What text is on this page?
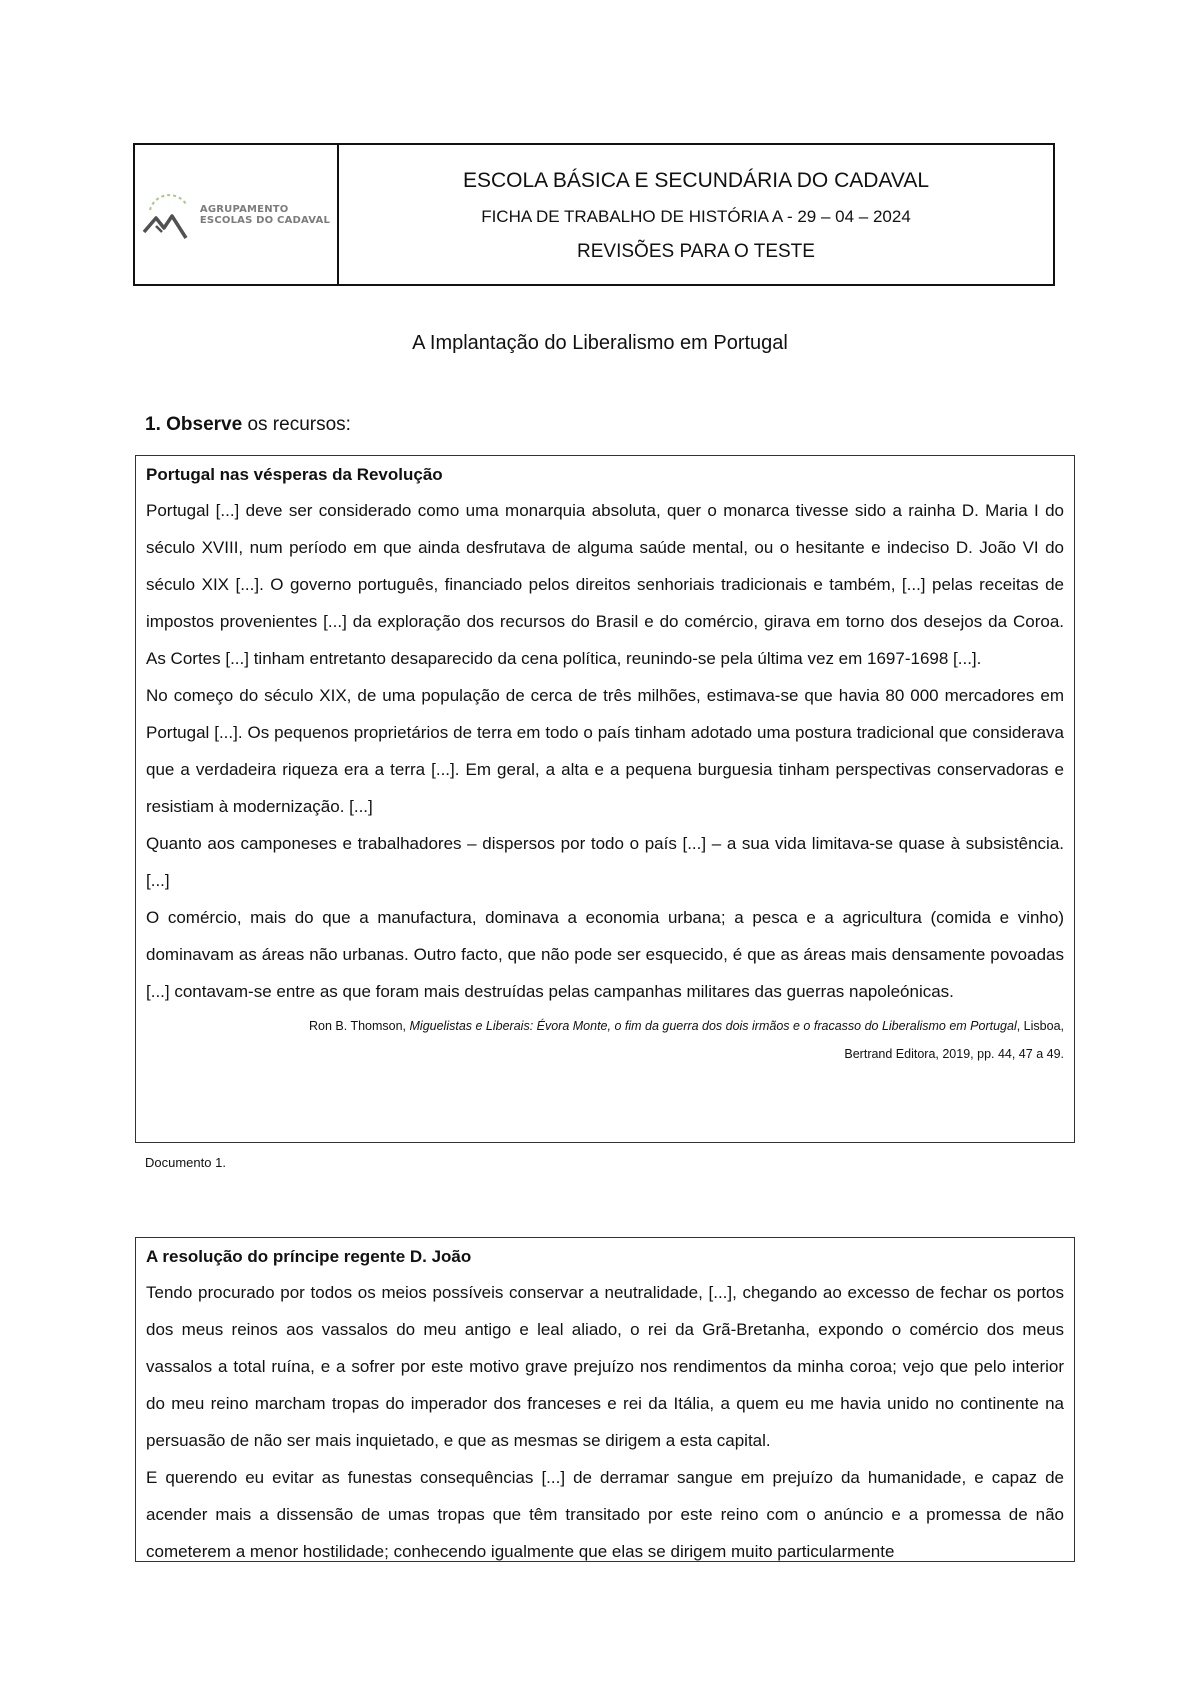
AGRUPAMENTO
ESCOLAS DO CADAVAL
ESCOLA BÁSICA E SECUNDÁRIA DO CADAVAL
FICHA DE TRABALHO DE HISTÓRIA A - 29 – 04 – 2024
REVISÕES PARA O TESTE
A Implantação do Liberalismo em Portugal
1. Observe os recursos:

Portugal nas vésperas da Revolução

Portugal [...] deve ser considerado como uma monarquia absoluta, quer o monarca tivesse sido a rainha D. Maria I do século XVIII, num período em que ainda desfrutava de alguma saúde mental, ou o hesitante e indeciso D. João VI do século XIX [...]. O governo português, financiado pelos direitos senhoriais tradicionais e também, [...] pelas receitas de impostos provenientes [...] da exploração dos recursos do Brasil e do comércio, girava em torno dos desejos da Coroa. As Cortes [...] tinham entretanto desaparecido da cena política, reunindo-se pela última vez em 1697-1698 [...].

No começo do século XIX, de uma população de cerca de três milhões, estimava-se que havia 80 000 mercadores em Portugal [...]. Os pequenos proprietários de terra em todo o país tinham adotado uma postura tradicional que considerava que a verdadeira riqueza era a terra [...]. Em geral, a alta e a pequena burguesia tinham perspectivas conservadoras e resistiam à modernização. [...]

Quanto aos camponeses e trabalhadores – dispersos por todo o país [...] – a sua vida limitava-se quase à subsistência. [...]

O comércio, mais do que a manufactura, dominava a economia urbana; a pesca e a agricultura (comida e vinho) dominavam as áreas não urbanas. Outro facto, que não pode ser esquecido, é que as áreas mais densamente povoadas [...] contavam-se entre as que foram mais destruídas pelas campanhas militares das guerras napoleónicas.

Ron B. Thomson, Miguelistas e Liberais: Évora Monte, o fim da guerra dos dois irmãos e o fracasso do Liberalismo em Portugal, Lisboa,
Bertrand Editora, 2019, pp. 44, 47 a 49.
Documento 1.

A resolução do príncipe regente D. João

Tendo procurado por todos os meios possíveis conservar a neutralidade, [...], chegando ao excesso de fechar os portos dos meus reinos aos vassalos do meu antigo e leal aliado, o rei da Grã-Bretanha, expondo o comércio dos meus vassalos a total ruína, e a sofrer por este motivo grave prejuízo nos rendimentos da minha coroa; vejo que pelo interior do meu reino marcham tropas do imperador dos franceses e rei da Itália, a quem eu me havia unido no continente na persuasão de não ser mais inquietado, e que as mesmas se dirigem a esta capital.

E querendo eu evitar as funestas consequências [...] de derramar sangue em prejuízo da humanidade, e capaz de acender mais a dissensão de umas tropas que têm transitado por este reino com o anúncio e a promessa de não cometerem a menor hostilidade; conhecendo igualmente que elas se dirigem muito particularmente
